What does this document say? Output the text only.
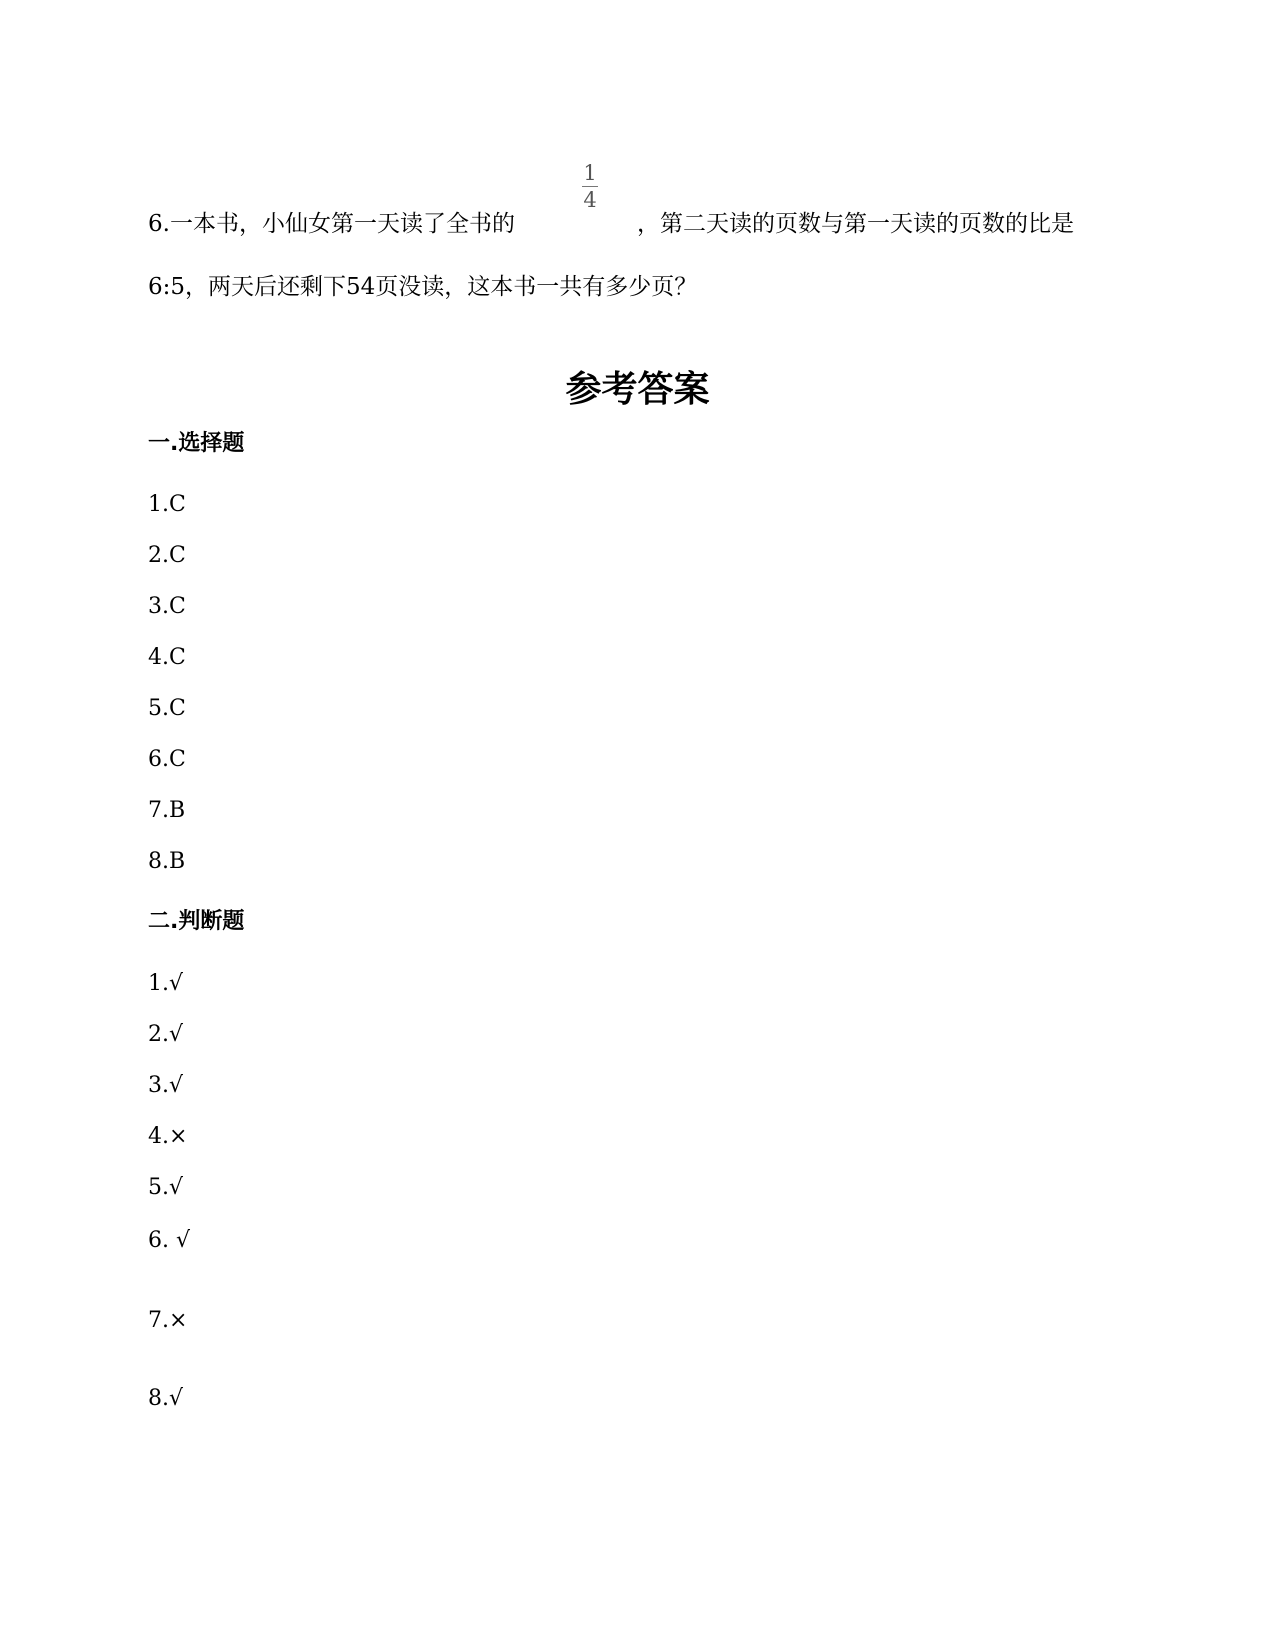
6.一本书，小仙女第一天读了全书的
1
4
，第二天读的页数与第一天读的页数的比是
6:5，两天后还剩下54页没读，这本书一共有多少页？
参考答案
一.选择题
1.C
2.C
3.C
4.C
5.C
6.C
7.B
8.B
二.判断题
1.√
2.√
3.√
4.×
5.√
6. √
7.×
8.√
